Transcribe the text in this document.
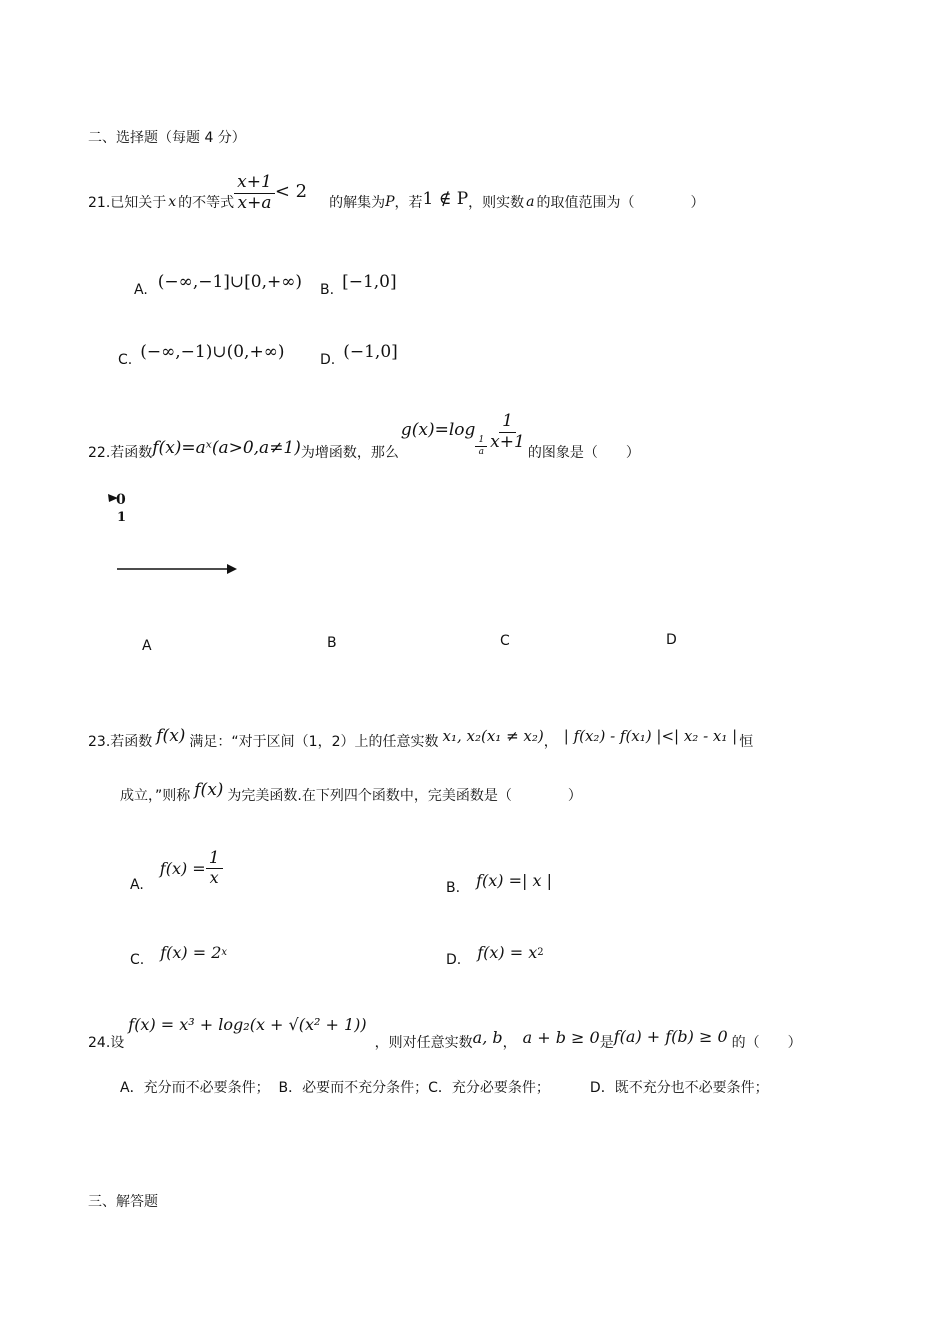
二、选择题（每题 4 分）
21.已知关于 x 的不等式 $\frac{x+1}{x+a} < 2$
的解集为 P ，若 1 ∉ P ，则实数 a 的取值范围为（　　　　）
A. (−∞,−1]∪[0,+∞) B. [−1,0]
C. (−∞,−1)∪(0,+∞)	D. (−1,0]
22.若函数 f(x)=aˣ(a>0,a≠1) 为增函数，那么
g(x)=log
$\frac{1}{a} \frac{1}{x+1}$
的图象是（　　）
0
1
A	B	C	D
23.若函数 f(x) 满足：“对于区间（1，2）上的任意实数 x₁, x₂(x₁ ≠ x₂) ， | f(x₂) - f(x₁) |<| x₂ - x₁ | 恒
成立，”则称 f(x) 为完美函数.在下列四个函数中，完美函数是（　　　　）
A.
$f(x) = \frac{1}{x}$
B. f(x) =| x |
C. f(x) = 2 x	D. f(x) = x 2
24.设
f(x) = x³ + log₂(x + √(x² + 1))
，则对任意实数 a, b ， a + b ≥ 0 是 f(a) + f(b) ≥ 0 的（　　）
A．充分而不必要条件；  B．必要而不充分条件；C．充分必要条件；         D．既不充分也不必要条件；
三、解答题
